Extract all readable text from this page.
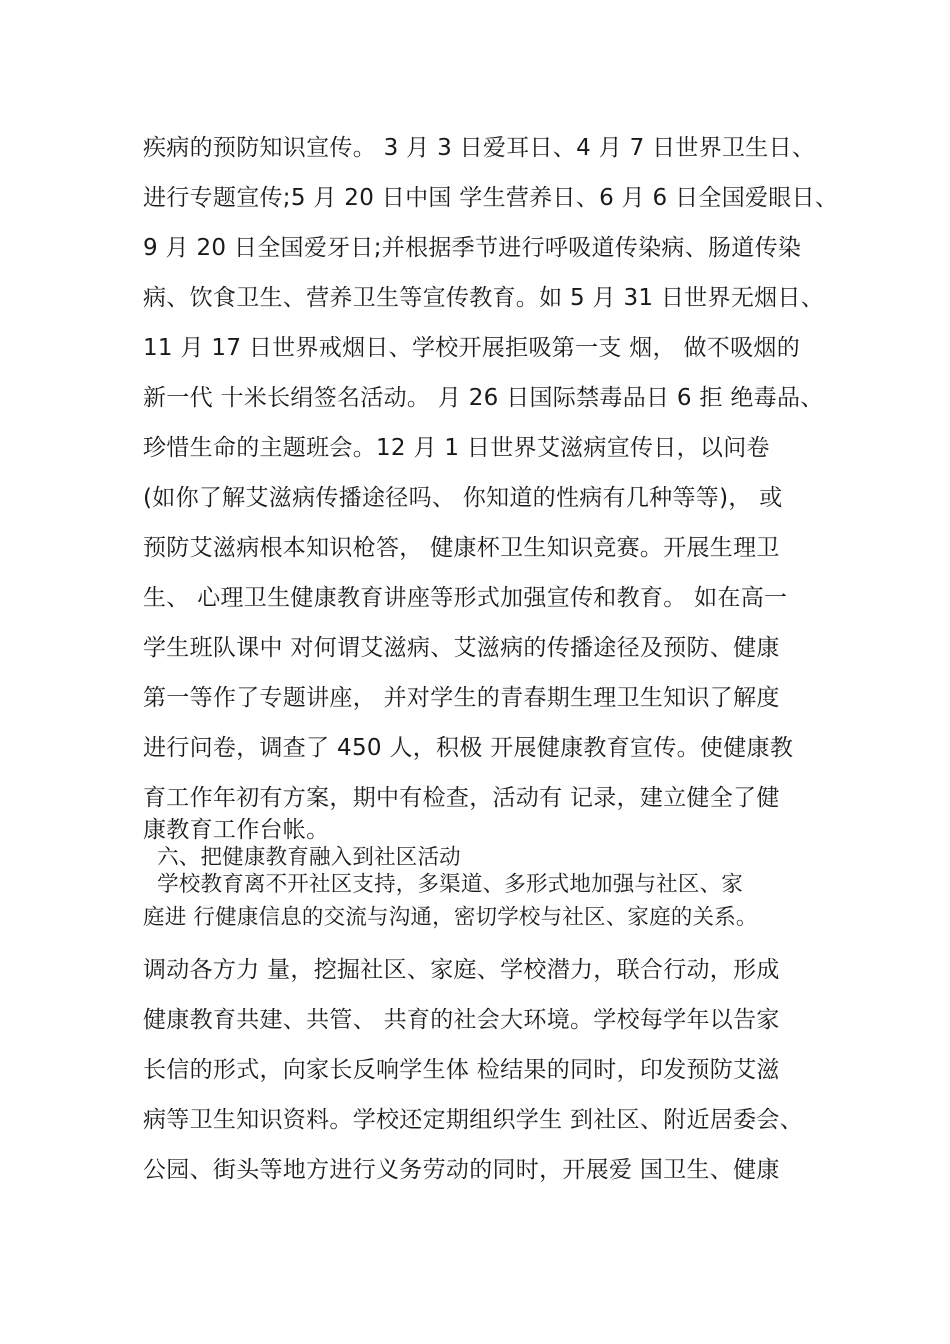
疾病的预防知识宣传。 3 月 3 日爱耳日、4 月 7 日世界卫生日、
进行专题宣传;5 月 20 日中国 学生营养日、6 月 6 日全国爱眼日、
9 月 20 日全国爱牙日;并根据季节进行呼吸道传染病、肠道传染
病、饮食卫生、营养卫生等宣传教育。如 5 月 31 日世界无烟日、
11 月 17 日世界戒烟日、学校开展拒吸第一支 烟， 做不吸烟的
新一代 十米长绢签名活动。 月 26 日国际禁毒品日 6 拒 绝毒品、
珍惜生命的主题班会。12 月 1 日世界艾滋病宣传日，以问卷
(如你了解艾滋病传播途径吗、 你知道的性病有几种等等)， 或
预防艾滋病根本知识枪答， 健康杯卫生知识竞赛。开展生理卫
生、 心理卫生健康教育讲座等形式加强宣传和教育。 如在高一
学生班队课中 对何谓艾滋病、艾滋病的传播途径及预防、健康
第一等作了专题讲座， 并对学生的青春期生理卫生知识了解度
进行问卷，调查了 450 人，积极 开展健康教育宣传。使健康教
育工作年初有方案，期中有检查，活动有 记录，建立健全了健
康教育工作台帐。
六、把健康教育融入到社区活动
学校教育离不开社区支持，多渠道、多形式地加强与社区、家
庭进 行健康信息的交流与沟通，密切学校与社区、家庭的关系。
调动各方力 量，挖掘社区、家庭、学校潜力，联合行动，形成
健康教育共建、共管、 共育的社会大环境。学校每学年以告家
长信的形式，向家长反响学生体 检结果的同时，印发预防艾滋
病等卫生知识资料。学校还定期组织学生 到社区、附近居委会、
公园、街头等地方进行义务劳动的同时，开展爱 国卫生、健康
